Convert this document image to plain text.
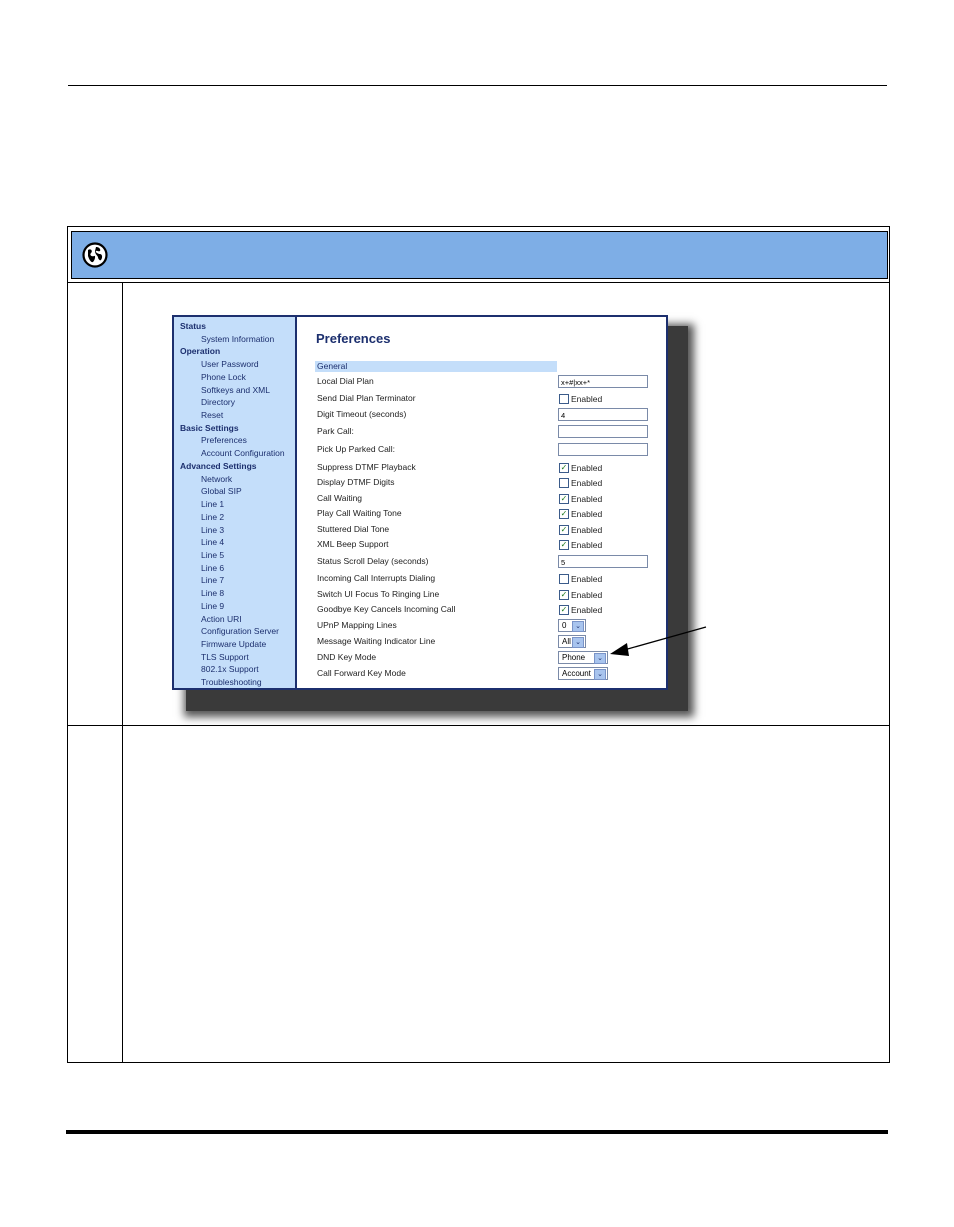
Status
System Information
Operation
User Password
Phone Lock
Softkeys and XML
Directory
Reset
Basic Settings
Preferences
Account Configuration
Advanced Settings
Network
Global SIP
Line 1
Line 2
Line 3
Line 4
Line 5
Line 6
Line 7
Line 8
Line 9
Action URI
Configuration Server
Firmware Update
TLS Support
802.1x Support
Troubleshooting
Preferences
General
Local Dial Plan	x+#|xx+*
Send Dial Plan Terminator	Enabled
Digit Timeout (seconds)	4
Park Call:
Pick Up Parked Call:
Suppress DTMF Playback	✓ Enabled
Display DTMF Digits	Enabled
Call Waiting	✓ Enabled
Play Call Waiting Tone	✓ Enabled
Stuttered Dial Tone	✓ Enabled
XML Beep Support	✓ Enabled
Status Scroll Delay (seconds)	5
Incoming Call Interrupts Dialing	Enabled
Switch UI Focus To Ringing Line	✓ Enabled
Goodbye Key Cancels Incoming Call	✓ Enabled
UPnP Mapping Lines	0	⌄
Message Waiting Indicator Line	All ⌄
DND Key Mode	Phone	⌄
Call Forward Key Mode	Account ⌄
